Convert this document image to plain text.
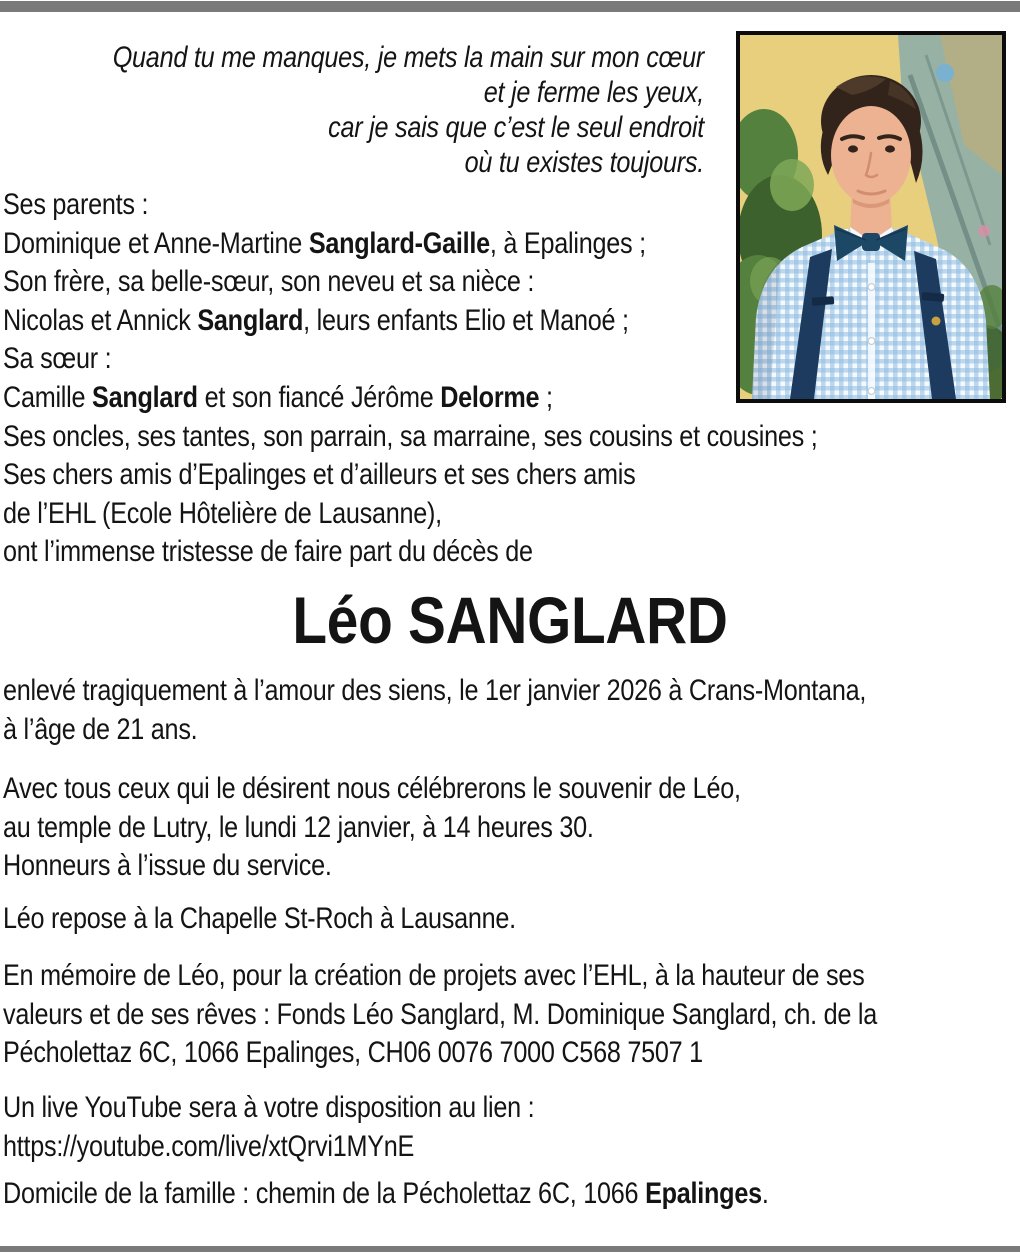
Quand tu me manques, je mets la main sur mon cœur
et je ferme les yeux,
car je sais que c’est le seul endroit
où tu existes toujours.
Ses parents :
Dominique et Anne-Martine Sanglard-Gaille, à Epalinges ;
Son frère, sa belle-sœur, son neveu et sa nièce :
Nicolas et Annick Sanglard, leurs enfants Elio et Manoé ;
Sa sœur :
Camille Sanglard et son fiancé Jérôme Delorme ;
Ses oncles, ses tantes, son parrain, sa marraine, ses cousins et cousines ;
Ses chers amis d’Epalinges et d’ailleurs et ses chers amis
de l’EHL (Ecole Hôtelière de Lausanne),
ont l’immense tristesse de faire part du décès de
Léo SANGLARD
enlevé tragiquement à l’amour des siens, le 1er janvier 2026 à Crans-Montana,
à l’âge de 21 ans.
Avec tous ceux qui le désirent nous célébrerons le souvenir de Léo,
au temple de Lutry, le lundi 12 janvier, à 14 heures 30.
Honneurs à l’issue du service.
Léo repose à la Chapelle St-Roch à Lausanne.
En mémoire de Léo, pour la création de projets avec l’EHL, à la hauteur de ses
valeurs et de ses rêves : Fonds Léo Sanglard, M. Dominique Sanglard, ch. de la
Pécholettaz 6C, 1066 Epalinges, CH06 0076 7000 C568 7507 1
Un live YouTube sera à votre disposition au lien :
https://youtube.com/live/xtQrvi1MYnE
Domicile de la famille : chemin de la Pécholettaz 6C, 1066 Epalinges.
